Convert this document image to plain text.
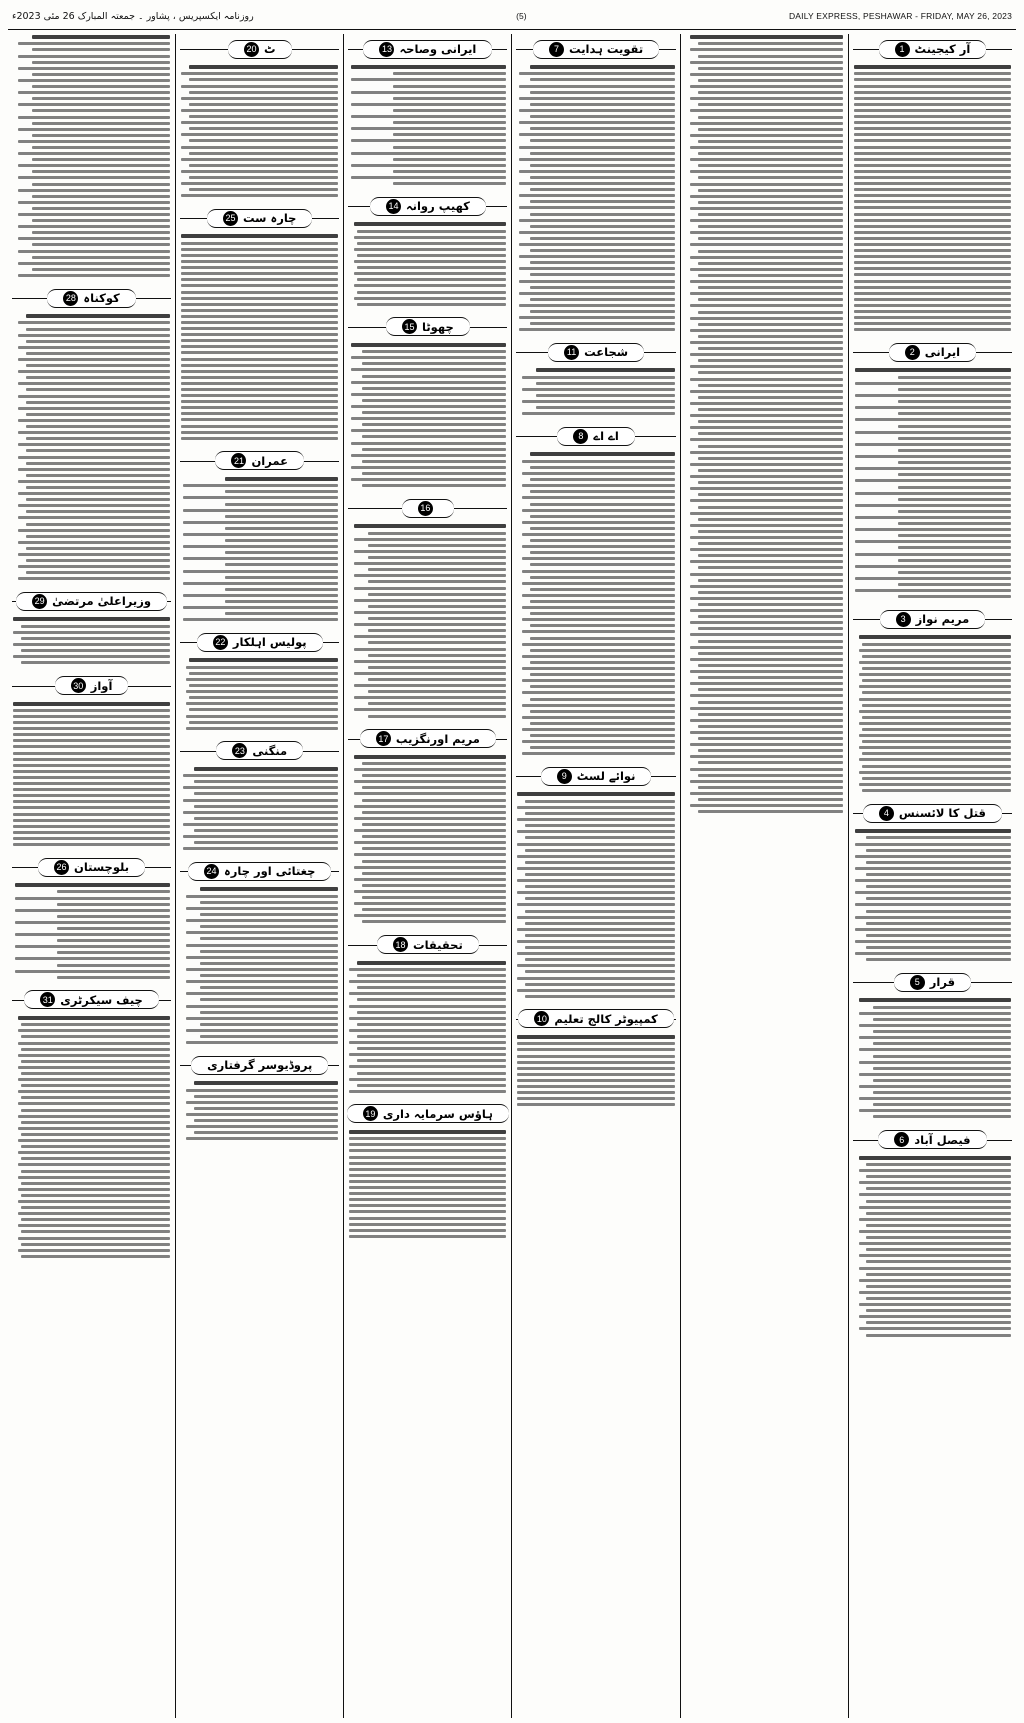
DAILY EXPRESS, PESHAWAR - FRIDAY, MAY 26, 2023
(5)
روزنامہ ایکسپریس ، پشاور ۔ جمعتہ المبارک 26 مئی 2023ء
آر کیجینٹ
1
ایرانی
2
مریم نواز
3
قتل کا لائسنس
4
قرار
5
فیصل آباد
6
تقویت ہدایت
7
شجاعت
11
اے اے
8
نوائے لسٹ
9
کمپیوٹر کالج تعلیم
10
ایرانی وصاحہ
13
کھیپ روانہ
14
چھوٹا
15
16
مریم اورنگزیب
17
تحقیقات
18
ہاؤس سرمایہ داری
19
ٹ
20
چارہ ست
25
عمران
21
پولیس اہلکار
22
منگنی
23
چغتائی اور چارہ
24
پروڈیوسر گرفتاری
کوکناہ
28
وزیراعلیٰ مرتضیٰ
29
آواز
30
بلوچستان
26
چیف سیکرٹری
31
